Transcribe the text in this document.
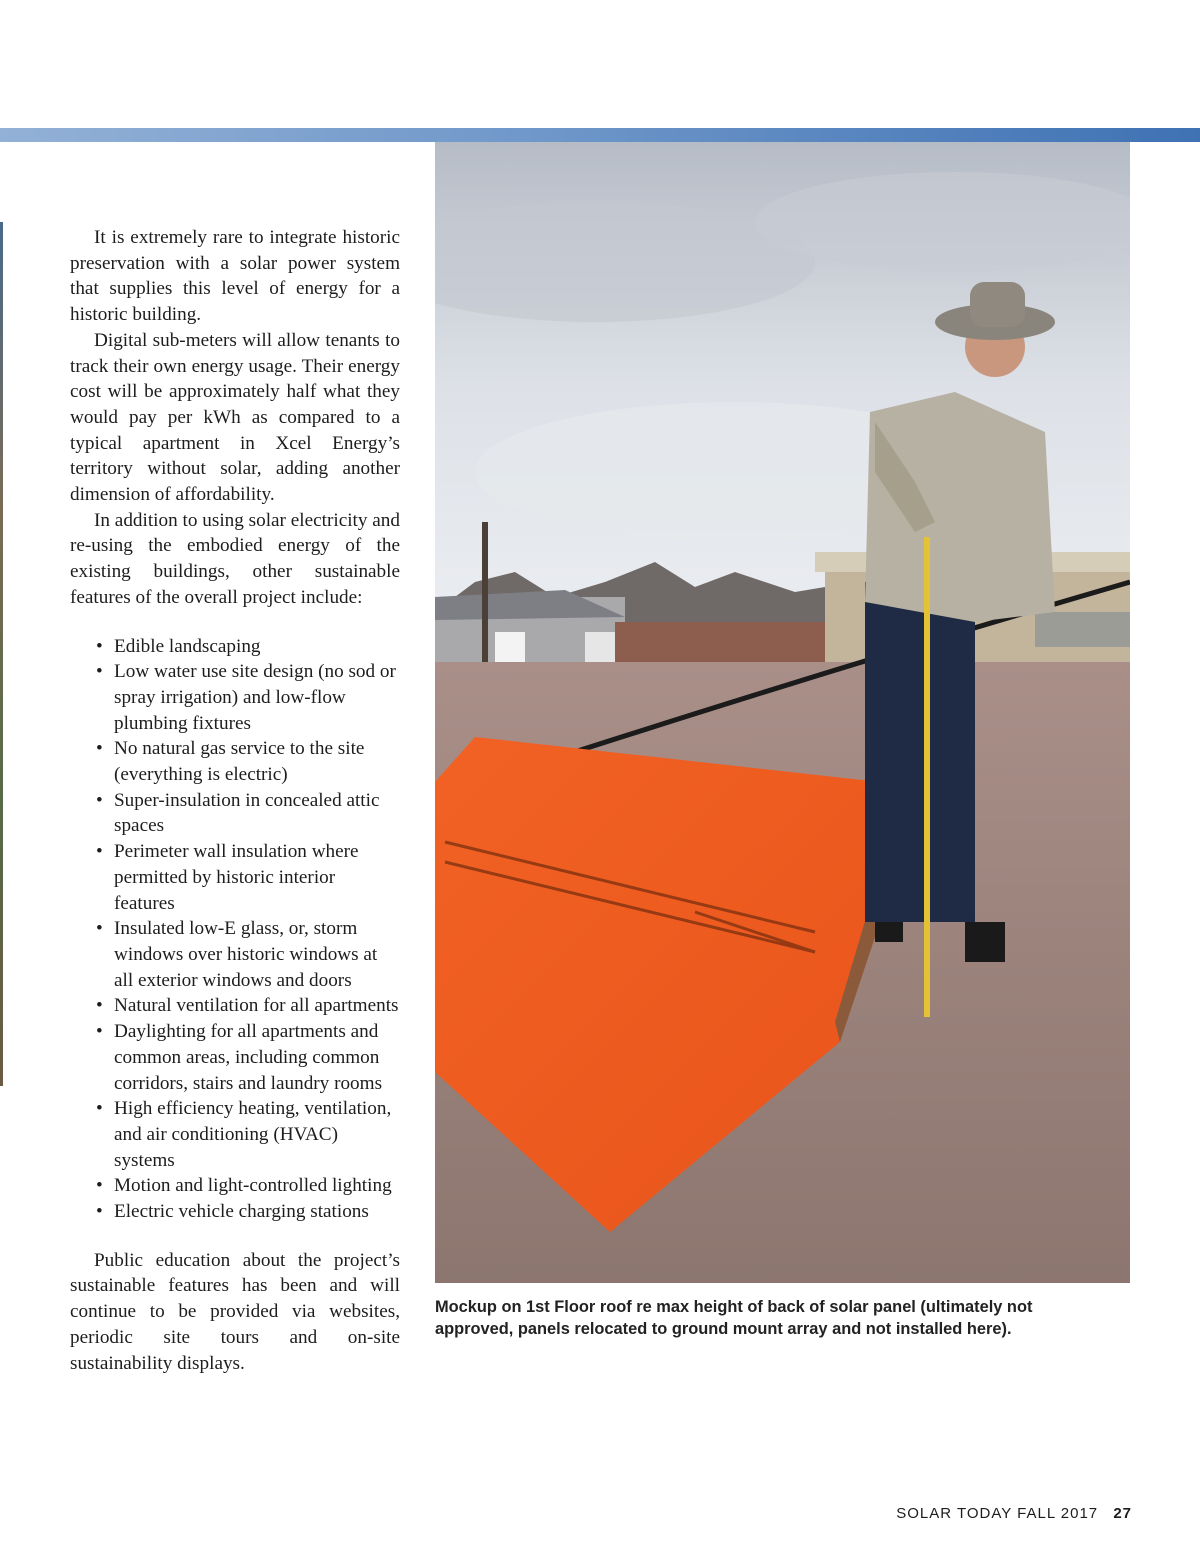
It is extremely rare to integrate historic preservation with a solar power system that supplies this level of energy for a historic building.

Digital sub-meters will allow tenants to track their own energy usage. Their energy cost will be approximately half what they would pay per kWh as compared to a typical apartment in Xcel Energy’s territory without solar, adding another dimension of affordability.

In addition to using solar electricity and re-using the embodied energy of the existing buildings, other sustainable features of the overall project include:

• Edible landscaping
• Low water use site design (no sod or spray irrigation) and low-flow plumbing fixtures
• No natural gas service to the site (everything is electric)
• Super-insulation in concealed attic spaces
• Perimeter wall insulation where permitted by historic interior features
• Insulated low-E glass, or, storm windows over historic windows at all exterior windows and doors
• Natural ventilation for all apartments
• Daylighting for all apartments and common areas, including common corridors, stairs and laundry rooms
• High efficiency heating, ventilation, and air conditioning (HVAC) systems
• Motion and light-controlled lighting
• Electric vehicle charging stations

Public education about the project’s sustainable features has been and will continue to be provided via websites, periodic site tours and on-site sustainability displays.

Mockup on 1st Floor roof re max height of back of solar panel (ultimately not approved, panels relocated to ground mount array and not installed here).
SOLAR TODAY FALL 2017 27
